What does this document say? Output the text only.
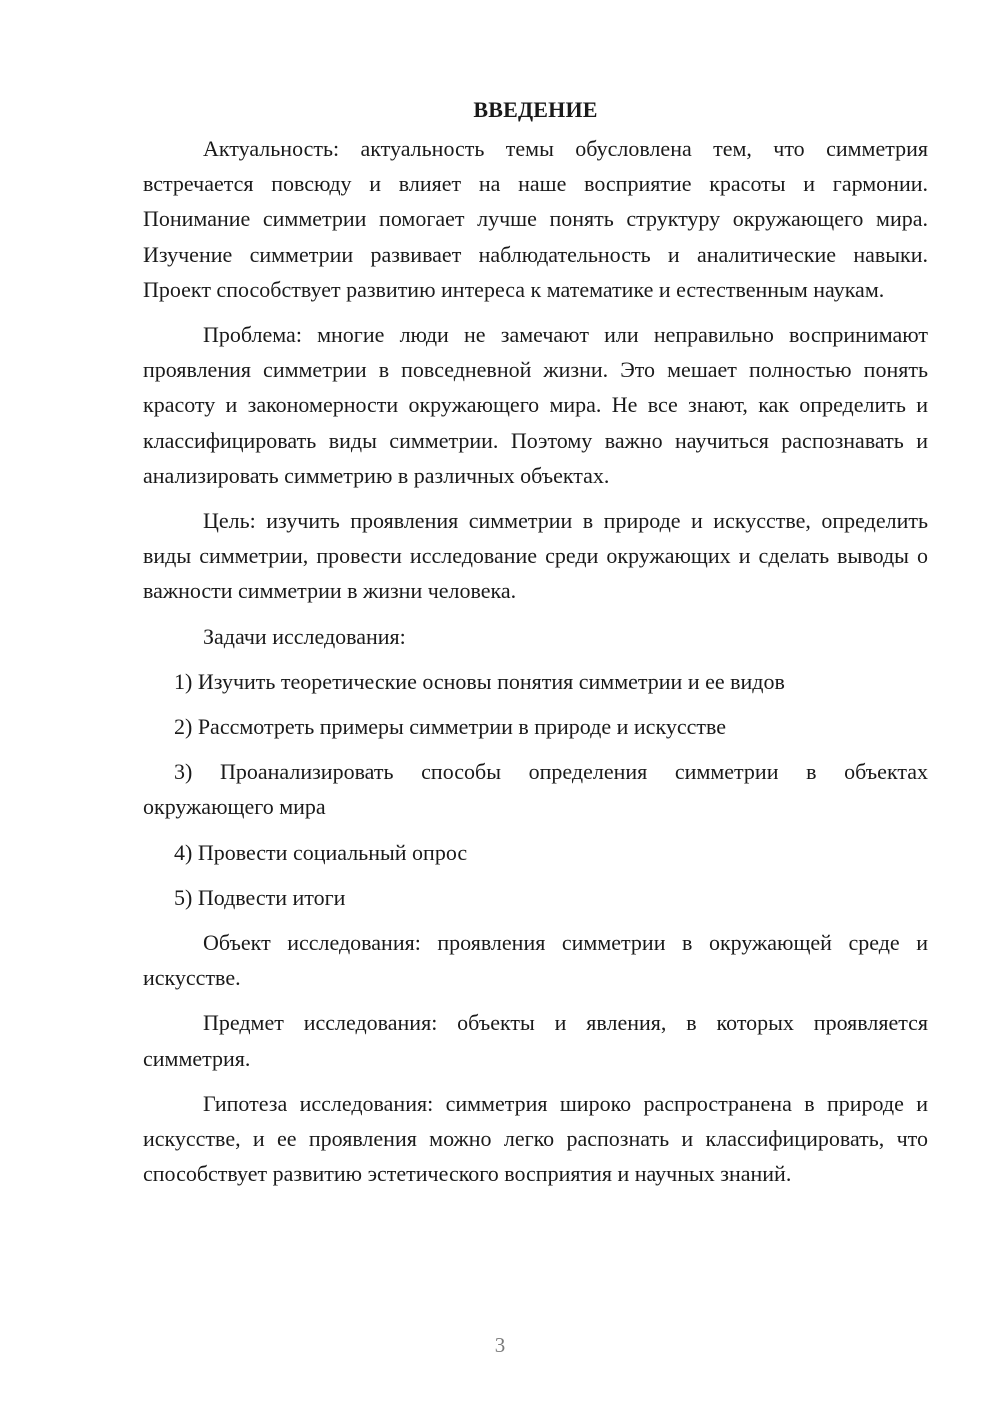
ВВЕДЕНИЕ

Актуальность: актуальность темы обусловлена тем, что симметрия встречается повсюду и влияет на наше восприятие красоты и гармонии. Понимание симметрии помогает лучше понять структуру окружающего мира. Изучение симметрии развивает наблюдательность и аналитические навыки. Проект способствует развитию интереса к математике и естественным наукам.

Проблема: многие люди не замечают или неправильно воспринимают проявления симметрии в повседневной жизни. Это мешает полностью понять красоту и закономерности окружающего мира. Не все знают, как определить и классифицировать виды симметрии. Поэтому важно научиться распознавать и анализировать симметрию в различных объектах.

Цель: изучить проявления симметрии в природе и искусстве, определить виды симметрии, провести исследование среди окружающих и сделать выводы о важности симметрии в жизни человека.

Задачи исследования:

1) Изучить теоретические основы понятия симметрии и ее видов

2) Рассмотреть примеры симметрии в природе и искусстве

3) Проанализировать способы определения симметрии в объектах окружающего мира

4) Провести социальный опрос

5) Подвести итоги

Объект исследования: проявления симметрии в окружающей среде и искусстве.

Предмет исследования: объекты и явления, в которых проявляется симметрия.

Гипотеза исследования: симметрия широко распространена в природе и искусстве, и ее проявления можно легко распознать и классифицировать, что способствует развитию эстетического восприятия и научных знаний.

3
